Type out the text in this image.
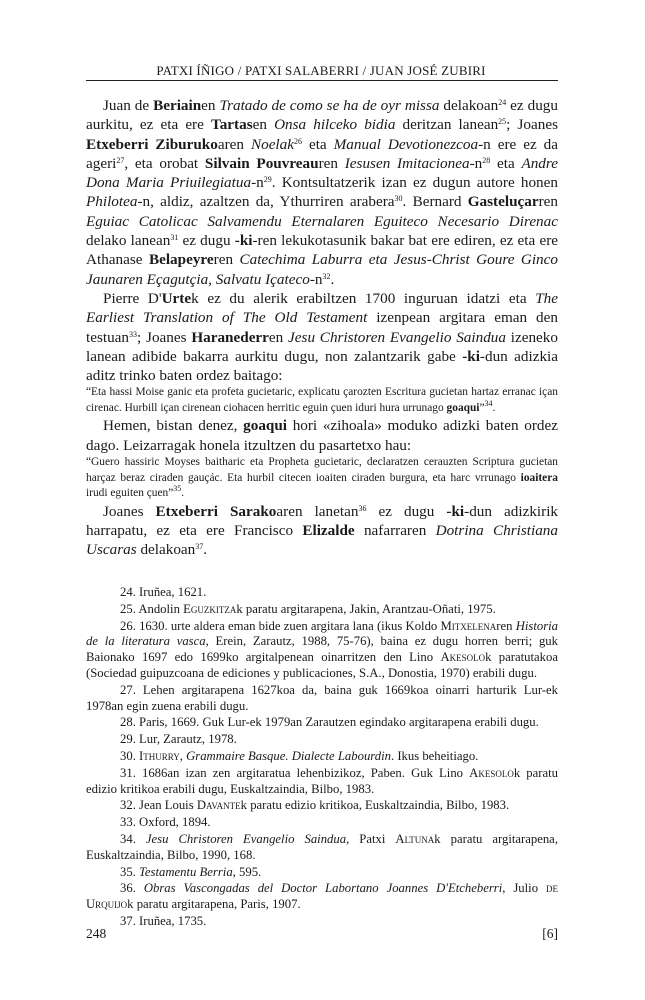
PATXI ÍÑIGO / PATXI SALABERRI / JUAN JOSÉ ZUBIRI

Juan de Beriainen Tratado de como se ha de oyr missa delakoan$^{24}$ ez dugu aurkitu, ez eta ere Tartasen Onsa hilceko bidia deritzan lanean$^{25}$; Joanes Etxeberri Ziburukoaren Noelak$^{26}$ eta Manual Devotionezcoa-n ere ez da ageri$^{27}$, eta orobat Silvain Pouvreauren Iesusen Imitacionea-$n^{28}$ eta Andre Dona Maria Priuilegiatua-$n^{29}$. Kontsultatzerik izan ez dugun autore honen Philotea-n, aldiz, azaltzen da, Ythurriren arabera$^{30}$. Bernard Gasteluçarren Eguiac Catolicac Salvamendu Eternalaren Eguiteco Necesario Direnac delako lanean$^{31}$ ez dugu -ki-ren lekukotasunik bakar bat ere ediren, ez eta ere Athanase Belapeyreren Catechima Laburra eta Jesus-Christ Goure Ginco Jaunaren Eçagutçia, Salvatu Içateco-$n^{32}$.

Pierre D'Urtek ez du alerik erabiltzen 1700 inguruan idatzi eta The Earliest Translation of The Old Testament izenpean argitara eman den testuan$^{33}$; Joanes Haranederren Jesu Christoren Evangelio Saindua izeneko lanean adibide bakarra aurkitu dugu, non zalantzarik gabe -ki-dun adizkia aditz trinko baten ordez baitago:

“Eta hassi Moise ganic eta profeta gucietaric, explicatu çarozten Escritura gucietan hartaz erranac içan cirenac. Hurbill içan cirenean ciohacen herritic eguin çuen iduri hura urrunago goaqui”$^{34}$.

Hemen, bistan denez, goaqui hori «zihoala» moduko adizki baten ordez dago. Leizarragak honela itzultzen du pasartetxo hau:

“Guero hassiric Moyses baitharic eta Propheta gucietaric, declaratzen cerauzten Scriptura gucietan harçaz beraz ciraden gauçác. Eta hurbil citecen ioaiten ciraden burgura, eta harc vrrunago ioaitera irudi eguiten çuen”$^{35}$.

Joanes Etxeberri Sarakoaren lanetan$^{36}$ ez dugu -ki-dun adizkirik harrapatu, ez eta ere Francisco Elizalde nafarraren Dotrina Christiana Uscaras delakoan$^{37}$.

24. Iruñea, 1621.

25. Andolin Eguzkitzak paratu argitarapena, Jakin, Arantzau-Oñati, 1975.

26. 1630. urte aldera eman bide zuen argitara lana (ikus Koldo Mitxelenaren Historia de la literatura vasca, Erein, Zarautz, 1988, 75-76), baina ez dugu horren berri; guk Baionako 1697 edo 1699ko argitalpenean oinarritzen den Lino Akesolok paratutakoa (Sociedad guipuzcoana de ediciones y publicaciones, S.A., Donostia, 1970) erabili dugu.

27. Lehen argitarapena 1627koa da, baina guk 1669koa oinarri harturik Lur-ek 1978an egin zuena erabili dugu.

28. Paris, 1669. Guk Lur-ek 1979an Zarautzen egindako argitarapena erabili dugu.

29. Lur, Zarautz, 1978.

30. Ithurry, Grammaire Basque. Dialecte Labourdin. Ikus beheitiago.

31. 1686an izan zen argitaratua lehenbizikoz, Paben. Guk Lino Akesolok paratu edizio kritikoa erabili dugu, Euskaltzaindia, Bilbo, 1983.

32. Jean Louis Davantek paratu edizio kritikoa, Euskaltzaindia, Bilbo, 1983.

33. Oxford, 1894.

34. Jesu Christoren Evangelio Saindua, Patxi Altunak paratu argitarapena, Euskaltzaindia, Bilbo, 1990, 168.

35. Testamentu Berria, 595.

36. Obras Vascongadas del Doctor Labortano Joannes D'Etcheberri, Julio de Urquijok paratu argitarapena, Paris, 1907.

37. Iruñea, 1735.

248	[6]
